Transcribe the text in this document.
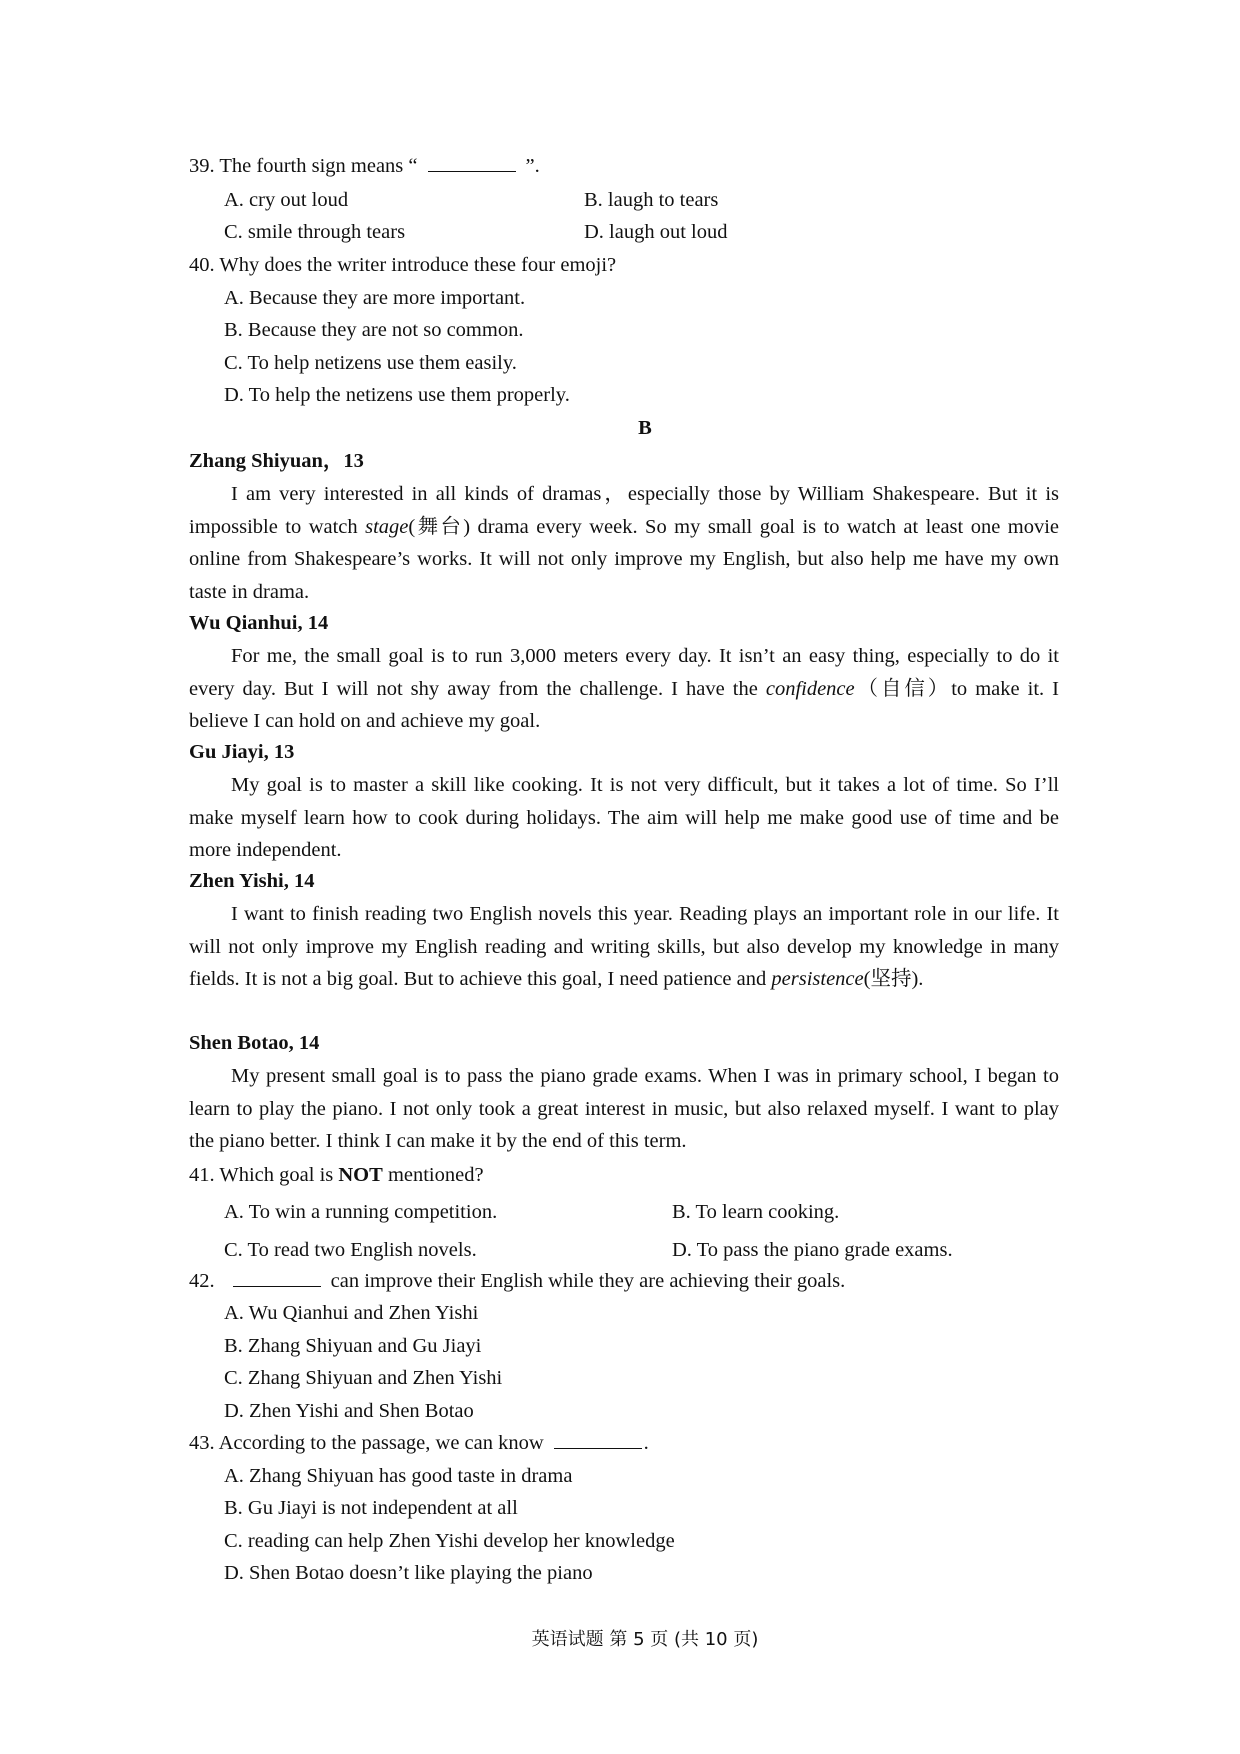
39. The fourth sign means “	”.
A. cry out loud	B. laugh to tears
C. smile through tears	D. laugh out loud
40. Why does the writer introduce these four emoji?
A. Because they are more important.
B. Because they are not so common.
C. To help netizens use them easily.
D. To help the netizens use them properly.
B
Zhang Shiyuan，13
I am very interested in all kinds of dramas，especially those by William Shakespeare. But it is impossible to watch stage(舞台) drama every week. So my small goal is to watch at least one movie online from Shakespeare’s works. It will not only improve my English, but also help me have my own taste in drama.
Wu Qianhui, 14
For me, the small goal is to run 3,000 meters every day. It isn’t an easy thing, especially to do it every day. But I will not shy away from the challenge. I have the confidence（自信）to make it. I believe I can hold on and achieve my goal.
Gu Jiayi, 13
My goal is to master a skill like cooking. It is not very difficult, but it takes a lot of time. So I’ll make myself learn how to cook during holidays. The aim will help me make good use of time and be more independent.
Zhen Yishi, 14
I want to finish reading two English novels this year. Reading plays an important role in our life. It will not only improve my English reading and writing skills, but also develop my knowledge in many fields. It is not a big goal. But to achieve this goal, I need patience and persistence(坚持).
Shen Botao, 14
My present small goal is to pass the piano grade exams. When I was in primary school, I began to learn to play the piano. I not only took a great interest in music, but also relaxed myself. I want to play the piano better. I think I can make it by the end of this term.
41. Which goal is NOT mentioned?
A. To win a running competition.	B. To learn cooking.
C. To read two English novels.	D. To pass the piano grade exams.
42.	can improve their English while they are achieving their goals.
A. Wu Qianhui and Zhen Yishi
B. Zhang Shiyuan and Gu Jiayi
C. Zhang Shiyuan and Zhen Yishi
D. Zhen Yishi and Shen Botao
43. According to the passage, we can know	.
A. Zhang Shiyuan has good taste in drama
B. Gu Jiayi is not independent at all
C. reading can help Zhen Yishi develop her knowledge
D. Shen Botao doesn’t like playing the piano
英语试题 第 5 页 (共 10 页)
